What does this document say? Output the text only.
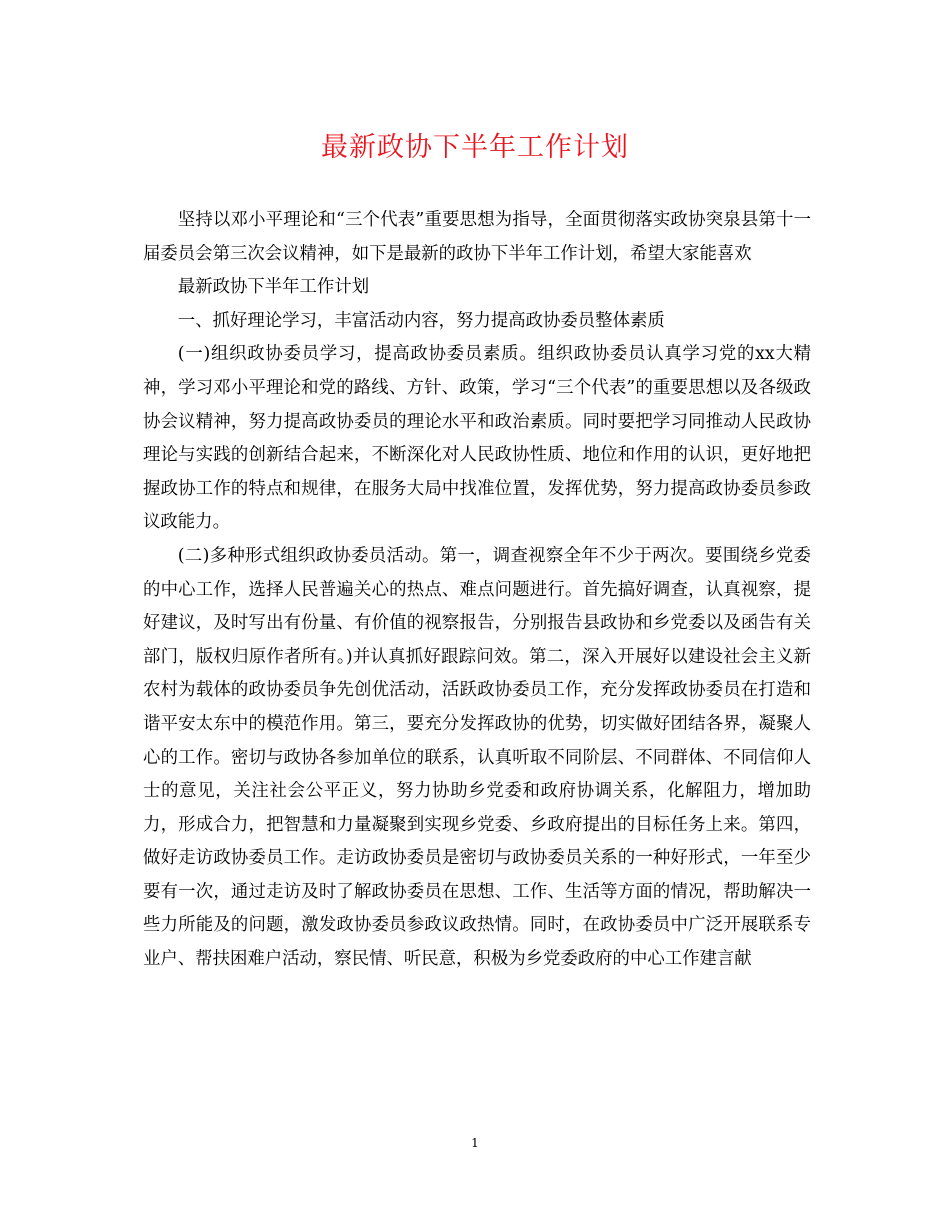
最新政协下半年工作计划

坚持以邓小平理论和“三个代表”重要思想为指导，全面贯彻落实政协突泉县第十一届委员会第三次会议精神，如下是最新的政协下半年工作计划，希望大家能喜欢

最新政协下半年工作计划

一、抓好理论学习，丰富活动内容，努力提高政协委员整体素质

(一)组织政协委员学习，提高政协委员素质。组织政协委员认真学习党的xx大精神，学习邓小平理论和党的路线、方针、政策，学习“三个代表”的重要思想以及各级政协会议精神，努力提高政协委员的理论水平和政治素质。同时要把学习同推动人民政协理论与实践的创新结合起来，不断深化对人民政协性质、地位和作用的认识，更好地把握政协工作的特点和规律，在服务大局中找准位置，发挥优势，努力提高政协委员参政议政能力。

(二)多种形式组织政协委员活动。第一，调查视察全年不少于两次。要围绕乡党委的中心工作，选择人民普遍关心的热点、难点问题进行。首先搞好调查，认真视察，提好建议，及时写出有份量、有价值的视察报告，分别报告县政协和乡党委以及函告有关部门，版权归原作者所有。)并认真抓好跟踪问效。第二，深入开展好以建设社会主义新农村为载体的政协委员争先创优活动，活跃政协委员工作，充分发挥政协委员在打造和谐平安太东中的模范作用。第三，要充分发挥政协的优势，切实做好团结各界，凝聚人心的工作。密切与政协各参加单位的联系，认真听取不同阶层、不同群体、不同信仰人士的意见，关注社会公平正义，努力协助乡党委和政府协调关系，化解阻力，增加助力，形成合力，把智慧和力量凝聚到实现乡党委、乡政府提出的目标任务上来。第四，做好走访政协委员工作。走访政协委员是密切与政协委员关系的一种好形式，一年至少要有一次，通过走访及时了解政协委员在思想、工作、生活等方面的情况，帮助解决一些力所能及的问题，激发政协委员参政议政热情。同时，在政协委员中广泛开展联系专业户、帮扶困难户活动，察民情、听民意，积极为乡党委政府的中心工作建言献

1
